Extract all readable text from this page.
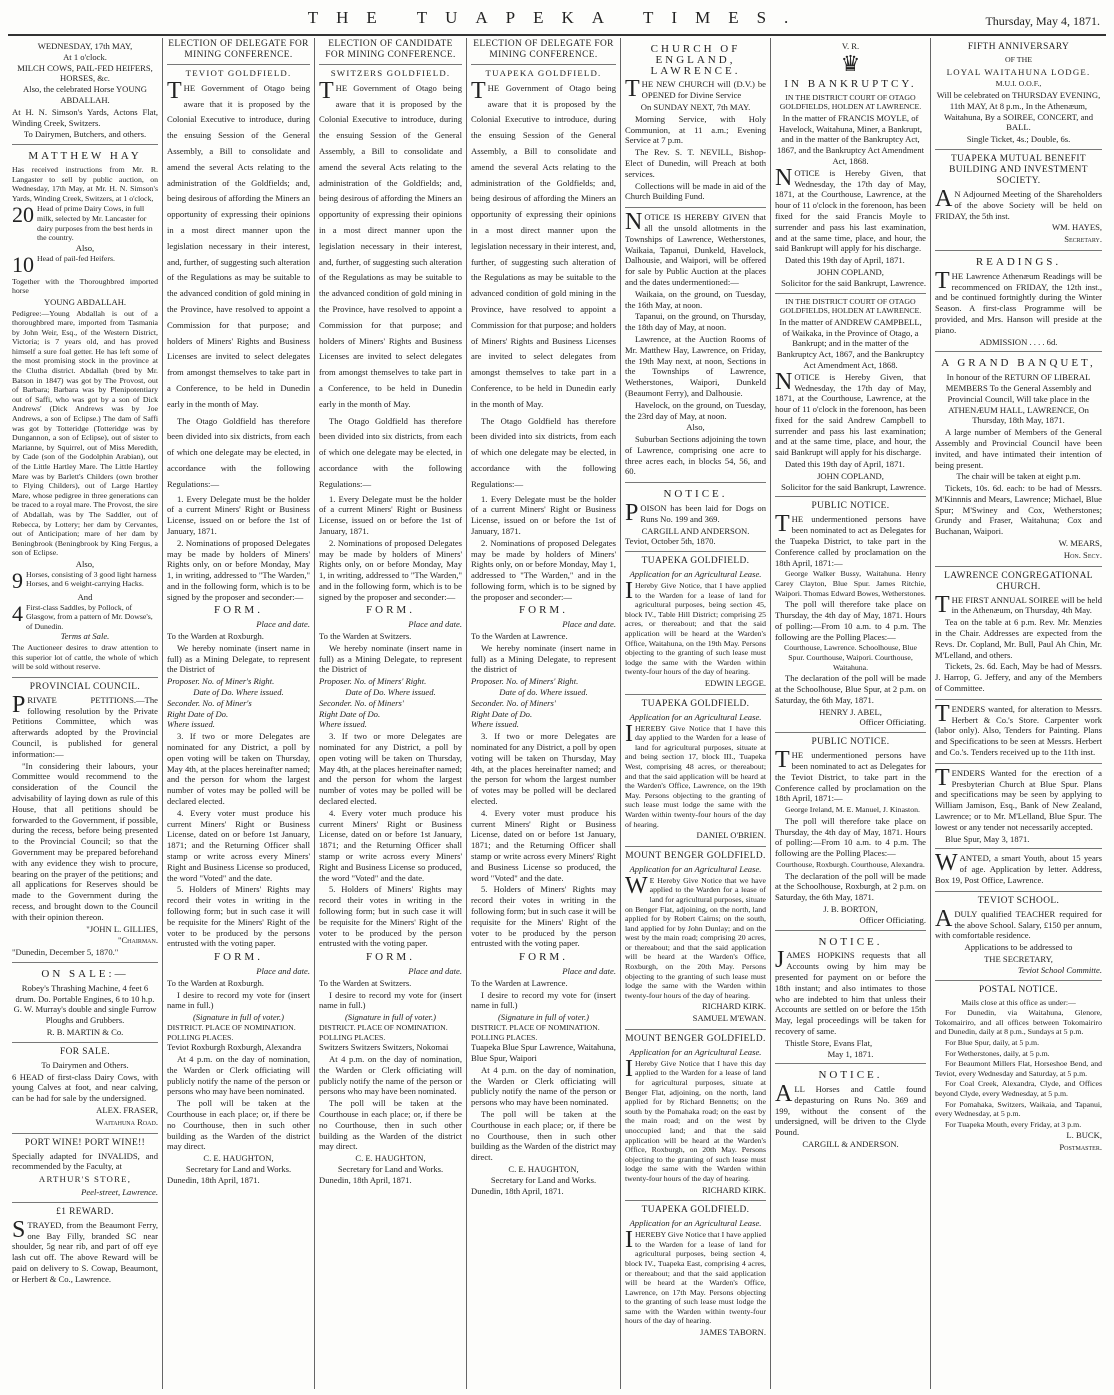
THE TUAPEKA TIMES.	Thursday, May 4, 1871.
WEDNESDAY, 17th MAY,
At 1 o'clock.
MILCH COWS, PAIL-FED HEIFERS, HORSES, &c.
Also, the celebrated Horse YOUNG ABDALLAH.

At H. N. Simson's Yards, Actons Flat, Winding Creek, Switzers.

To Dairymen, Butchers, and others.
MATTHEW HAY

Has received instructions from Mr. R. Langaster to sell by public auction, on Wednesday, 17th May, at Mr. H. N. Simson's Yards, Winding Creek, Switzers, at 1 o'clock,

20 Head of prime Dairy Cows, in full milk, selected by Mr. Lancaster for dairy purposes from the best herds in the country.
Also,
10 Head of pail-fed Heifers.

Together with the Thoroughbred imported horse

YOUNG ABDALLAH.

Pedigree:—Young Abdallah is out of a thoroughbred mare, imported from Tasmania by John Weir, Esq., of the Western District, Victoria; is 7 years old, and has proved himself a sure foal getter. He has left some of the most promising stock in the province at the Clutha district. Abdallah (bred by Mr. Batson in 1847) was got by The Provost, out of Barbara; Barbara was by Plenipotentiary out of Saffi, who was got by a son of Dick Andrews' (Dick Andrews was by Joe Andrews, a son of Eclipse.) The dam of Saffi was got by Totteridge (Totteridge was by Dungannon, a son of Eclipse), out of sister to Marianne, by Squirrel, out of Miss Meredith, by Cade (son of the Godolphin Arabian), out of the Little Hartley Mare. The Little Hartley Mare was by Barlett's Childers (own brother to Flying Childers), out of Large Hartley Mare, whose pedigree in three generations can be traced to a royal mare. The Provost, the sire of Abdallah, was by The Saddler, out of Rebecca, by Lottery; her dam by Cervantes, out of Anticipation; mare of her dam by Beningbrook (Beningbrook by King Fergus, a son of Eclipse.

Also,
9 Horses, consisting of 3 good light harness Horses, and 6 weight-carrying Hacks.
And
4 First-class Saddles, by Pollock, of Glasgow, from a pattern of Mr. Dowse's, of Dunedin.
Terms at Sale.

The Auctioneer desires to draw attention to this superior lot of cattle, the whole of which will be sold without reserve.

PROVINCIAL COUNCIL.

PRIVATE PETITIONS.—The following resolution by the Private Petitions Committee, which was afterwards adopted by the Provincial Council, is published for general information:—

"In considering their labours, your Committee would recommend to the consideration of the Council the advisability of laying down as rule of this House, that all petitions should be forwarded to the Government, if possible, during the recess, before being presented to the Provincial Council; so that the Government may be prepared beforehand with any evidence they wish to procure, bearing on the prayer of the petitions; and all applications for Reserves should be made to the Government during the recess, and brought down to the Council with their opinion thereon.

"JOHN L. GILLIES,
"Chairman.
"Dunedin, December 5, 1870."
ON SALE:—

Robey's Thrashing Machine, 4 feet 6 drum. Do. Portable Engines, 6 to 10 h.p. G. W. Murray's double and single Furrow Ploughs and Grubbers.

R. B. MARTIN & Co.
FOR SALE.
To Dairymen and Others.

6 HEAD of first-class Dairy Cows, with young Calves at foot, and near calving, can be had for sale by the undersigned.

ALEX. FRASER,
Waitahuna Road.
PORT WINE! PORT WINE!!

Specially adapted for INVALIDS, and recommended by the Faculty, at

ARTHUR'S STORE,
Peel-street, Lawrence.
£1 REWARD.

STRAYED, from the Beaumont Ferry, one Bay Filly, branded SC near shoulder, 5g near rib, and part of off eye lash cut off. The above Reward will be paid on delivery to S. Cowap, Beaumont, or Herbert & Co., Lawrence.

ELECTION OF DELEGATE FOR MINING CONFERENCE.
TEVIOT GOLDFIELD.

THE Government of Otago being aware that it is proposed by the Colonial Executive to introduce, during the ensuing Session of the General Assembly, a Bill to consolidate and amend the several Acts relating to the administration of the Goldfields; and, being desirous of affording the Miners an opportunity of expressing their opinions in a most direct manner upon the legislation necessary in their interest, and, further, of suggesting such alteration of the Regulations as may be suitable to the advanced condition of gold mining in the Province, have resolved to appoint a Commission for that purpose; and holders of Miners' Rights and Business Licenses are invited to select delegates from amongst themselves to take part in a Conference, to be held in Dunedin early in the month of May.

The Otago Goldfield has therefore been divided into six districts, from each of which one delegate may be elected, in accordance with the following Regulations:—

1. Every Delegate must be the holder of a current Miners' Right or Business License, issued on or before the 1st of January, 1871.

2. Nominations of proposed Delegates may be made by holders of Miners' Rights only, on or before Monday, May 1, in writing, addressed to "The Warden," and in the following form, which is to be signed by the proposer and seconder:—

FORM.
Place and date.

To the Warden at Roxburgh.

We hereby nominate (insert name in full) as a Mining Delegate, to represent the District of

Proposer. No. of Miner's Right.
Date of Do. Where issued.
Seconder. No. of Miner's
Right Date of Do.
Where issued.

3. If two or more Delegates are nominated for any District, a poll by open voting will be taken on Thursday, May 4th, at the places hereinafter named; and the person for whom the largest number of votes may be polled will be declared elected.

4. Every voter must produce his current Miners' Right or Business License, dated on or before 1st January, 1871; and the Returning Officer shall stamp or write across every Miners' Right and Business License so produced, the word "Voted" and the date.

5. Holders of Miners' Rights may record their votes in writing in the following form; but in such case it will be requisite for the Miners' Right of the voter to be produced by the persons entrusted with the voting paper.

FORM.
Place and date.

To the Warden at Roxburgh.

I desire to record my vote for (insert name in full.)

(Signature in full of voter.)
DISTRICT. PLACE OF NOMINATION. POLLING PLACES.
Teviot Roxburgh Roxburgh, Alexandra

At 4 p.m. on the day of nomination, the Warden or Clerk officiating will publicly notify the name of the person or persons who may have been nominated.

The poll will be taken at the Courthouse in each place; or, if there be no Courthouse, then in such other building as the Warden of the district may direct.

C. E. HAUGHTON,
Secretary for Land and Works.
Dunedin, 18th April, 1871.
ELECTION OF CANDIDATE FOR MINING CONFERENCE.
SWITZERS GOLDFIELD.

THE Government of Otago being aware that it is proposed by the Colonial Executive to introduce, during the ensuing Session of the General Assembly, a Bill to consolidate and amend the several Acts relating to the administration of the Goldfields; and, being desirous of affording the Miners an opportunity of expressing their opinions in a most direct manner upon the legislation necessary in their interest, and, further, of suggesting such alteration of the Regulations as may be suitable to the advanced condition of gold mining in the Province, have resolved to appoint a Commission for that purpose; and holders of Miners' Rights and Business Licenses are invited to select delegates from amongst themselves to take part in a Conference, to be held in Dunedin early in the month of May.

The Otago Goldfield has therefore been divided into six districts, from each of which one delegate may be elected, in accordance with the following Regulations:—

1. Every Delegate must be the holder of a current Miners' Right or Business License, issued on or before the 1st of January, 1871.

2. Nominations of proposed Delegates may be made by holders of Miners' Rights only, on or before Monday, May 1, in writing, addressed to "The Warden," and in the following form, which is to be signed by the proposer and seconder:—

FORM.
Place and date.

To the Warden at Switzers.

We hereby nominate (insert name in full) as a Mining Delegate, to represent the District of

Proposer. No. of Miners' Right.
Date of Do. Where issued.
Seconder. No. of Miners'
Right Date of Do.
Where issued.

3. If two or more Delegates are nominated for any District, a poll by open voting will be taken on Thursday, May 4th, at the places hereinafter named; and the person for whom the largest number of votes may be polled will be declared elected.

4. Every voter much produce his current Miners' Right or Business License, dated on or before 1st January, 1871; and the Returning Officer shall stamp or write across every Miners' Right and Business License so produced, the word "Voted" and the date.

5. Holders of Miners' Rights may record their votes in writing in the following form; but in such case it will be requisite for the Miners' Right of the voter to be produced by the person entrusted with the voting paper.

FORM.
Place and date.

To the Warden at Switzers.

I desire to record my vote for (insert name in full.)

(Signature in full of voter.)
DISTRICT. PLACE OF NOMINATION. POLLING PLACES.
Switzers Switzers Switzers, Nokomai

At 4 p.m. on the day of nomination, the Warden or Clerk officiating will publicly notify the name of the person or persons who may have been nominated.

The poll will be taken at the Courthouse in each place; or, if there be no Courthouse, then in such other building as the Warden of the district may direct.

C. E. HAUGHTON,
Secretary for Land and Works.
Dunedin, 18th April, 1871.
ELECTION OF DELEGATE FOR MINING CONFERENCE.
TUAPEKA GOLDFIELD.

THE Government of Otago being aware that it is proposed by the Colonial Executive to introduce, during the ensuing Session of the General Assembly, a Bill to consolidate and amend the several Acts relating to the administration of the Goldfields; and, being desirous of affording the Miners an opportunity of expressing their opinions in a most direct manner upon the legislation necessary in their interest, and, further, of suggesting such alteration of the Regulations as may be suitable to the advanced condition of gold mining in the Province, have resolved to appoint a Commission for that purpose; and holders of Miners' Rights and Business Licenses are invited to select delegates from amongst themselves to take part in a Conference, to be held in Dunedin early in the month of May.

The Otago Goldfield has therefore been divided into six districts, from each of which one delegate may be elected, in accordance with the following Regulations:—

1. Every Delegate must be the holder of a current Miners' Right or Business License, issued on or before the 1st of January, 1871.

2. Nominations of proposed Delegates may be made by holders of Miners' Rights only, on or before Monday, May 1, addressed to "The Warden," and in the following form, which is to be signed by the proposer and seconder:—

FORM.
Place and date.

To the Warden at Lawrence.

We hereby nominate (insert name in full) as a Mining Delegate, to represent the district of

Proposer. No. of Miners' Right.
Date of do. Where issued.
Seconder. No. of Miners'
Right Date of Do.
Where issued.

3. If two or more Delegates are nominated for any District, a poll by open voting will be taken on Thursday, May 4th, at the places hereinafter named; and the person for whom the largest number of votes may be polled will be declared elected.

4. Every voter must produce his current Miners' Right or Business License, dated on or before 1st January, 1871; and the Returning Officer shall stamp or write across every Miners' Right and Business License so produced, the word "Voted" and the date.

5. Holders of Miners' Rights may record their votes in writing in the following form; but in such case it will be requisite for the Miners' Right of the voter to be produced by the person entrusted with the voting paper.

FORM.
Place and date.

To the Warden at Lawrence.

I desire to record my vote for (insert name in full.)

(Signature in full of voter.)
DISTRICT. PLACE OF NOMINATION. POLLING PLACES.
Tuapeka Blue Spur Lawrence, Waitahuna, Blue Spur, Waipori

At 4 p.m. on the day of nomination, the Warden or Clerk officiating will publicly notify the name of the person or persons who may have been nominated.

The poll will be taken at the Courthouse in each place; or, if there be no Courthouse, then in such other building as the Warden of the district may direct.

C. E. HAUGHTON,
Secretary for Land and Works.
Dunedin, 18th April, 1871.
CHURCH OF ENGLAND, LAWRENCE.

THE NEW CHURCH will (D.V.) be OPENED for Divine Service

On SUNDAY NEXT, 7th MAY.

Morning Service, with Holy Communion, at 11 a.m.; Evening Service at 7 p.m.

The Rev. S. T. NEVILL, Bishop-Elect of Dunedin, will Preach at both services.

Collections will be made in aid of the Church Building Fund.

NOTICE IS HEREBY GIVEN that all the unsold allotments in the Townships of Lawrence, Wetherstones, Waikaia, Tapanui, Dunkeld, Havelock, Dalhousie, and Waipori, will be offered for sale by Public Auction at the places and the dates undermentioned:—

Waikaia, on the ground, on Tuesday, the 16th May, at noon.

Tapanui, on the ground, on Thursday, the 18th day of May, at noon.

Lawrence, at the Auction Rooms of Mr. Matthew Hay, Lawrence, on Friday, the 19th May next, at noon, Sections in the Townships of Lawrence, Wetherstones, Waipori, Dunkeld (Beaumont Ferry), and Dalhousie.

Havelock, on the ground, on Tuesday, the 23rd day of May, at noon.

Also,

Suburban Sections adjoining the town of Lawrence, comprising one acre to three acres each, in blocks 54, 56, and 60.

NOTICE.

POISON has been laid for Dogs on Runs No. 199 and 369.

CARGILL AND ANDERSON.
Teviot, October 5th, 1870.
TUAPEKA GOLDFIELD.
Application for an Agricultural Lease.

IHereby Give Notice, that I have applied to the Warden for a lease of land for agricultural purposes, being section 45, block IV., Table Hill District; comprising 25 acres, or thereabout; and that the said application will be heard at the Warden's Office, Waitahuna, on the 19th May. Persons objecting to the granting of such lease must lodge the same with the Warden within twenty-four hours of the day of hearing.

EDWIN LEGGE.
TUAPEKA GOLDFIELD.
Application for an Agricultural Lease.

IHEREBY Give Notice that I have this day applied to the Warden for a lease of land for agricultural purposes, situate at and being section 17, block III., Tuapeka West, comprising 48 acres, or thereabout; and that the said application will be heard at the Warden's Office, Lawrence, on the 19th May. Persons objecting to the granting of such lease must lodge the same with the Warden within twenty-four hours of the day of hearing.

DANIEL O'BRIEN.
MOUNT BENGER GOLDFIELD.
Application for an Agricultural Lease.

WE Hereby Give Notice that we have applied to the Warden for a lease of land for agricultural purposes, situate on Benger Flat, adjoining, on the north, land applied for by Robert Cairns; on the south, land applied for by John Dunlay; and on the west by the main road; comprising 20 acres, or thereabout; and that the said application will be heard at the Warden's Office, Roxburgh, on the 20th May. Persons objecting to the granting of such lease must lodge the same with the Warden within twenty-four hours of the day of hearing.

RICHARD KIRK.
SAMUEL M'EWAN.
MOUNT BENGER GOLDFIELD.
Application for an Agricultural Lease.

IHereby Give Notice that I have this day applied to the Warden for a lease of land for agricultural purposes, situate at Benger Flat, adjoining, on the north, land applied for by Richard Bennetts; on the south by the Pomahaka road; on the east by the main road; and on the west by unoccupied land; and that the said application will be heard at the Warden's Office, Roxburgh, on 20th May. Persons objecting to the granting of such lease must lodge the same with the Warden within twenty-four hours of the day of hearing.

RICHARD KIRK.
TUAPEKA GOLDFIELD.
Application for an Agricultural Lease.

IHEREBY Give Notice that I have applied to the Warden for a lease of land for agricultural purposes, being section 4, block IV., Tuapeka East, comprising 4 acres, or thereabout; and that the said application will be heard at the Warden's Office, Lawrence, on 17th May. Persons objecting to the granting of such lease must lodge the same with the Warden within twenty-four hours of the day of hearing.

JAMES TABORN.
V. R.
♛
IN BANKRUPTCY.
IN THE DISTRICT COURT OF OTAGO GOLDFIELDS, HOLDEN AT LAWRENCE.

In the matter of FRANCIS MOYLE, of Havelock, Waitahuna, Miner, a Bankrupt, and in the matter of the Bankruptcy Act, 1867, and the Bankruptcy Act Amendment Act, 1868.

NOTICE is Hereby Given, that Wednesday, the 17th day of May, 1871, at the Courthouse, Lawrence, at the hour of 11 o'clock in the forenoon, has been fixed for the said Francis Moyle to surrender and pass his last examination, and at the same time, place, and hour, the said Bankrupt will apply for his discharge.

Dated this 19th day of April, 1871.

JOHN COPLAND,
Solicitor for the said Bankrupt, Lawrence.
IN THE DISTRICT COURT OF OTAGO GOLDFIELDS, HOLDEN AT LAWRENCE.

In the matter of ANDREW CAMPBELL, of Waikaka, in the Province of Otago, a Bankrupt; and in the matter of the Bankruptcy Act, 1867, and the Bankruptcy Act Amendment Act, 1868.

NOTICE is Hereby Given, that Wednesday, the 17th day of May, 1871, at the Courthouse, Lawrence, at the hour of 11 o'clock in the forenoon, has been fixed for the said Andrew Campbell to surrender and pass his last examination; and at the same time, place, and hour, the said Bankrupt will apply for his discharge.

Dated this 19th day of April, 1871.

JOHN COPLAND,
Solicitor for the said Bankrupt, Lawrence.
PUBLIC NOTICE.

THE undermentioned persons have been nominated to act as Delegates for the Tuapeka District, to take part in the Conference called by proclamation on the 18th April, 1871:—

George Walker Bussy, Waitahuna. Henry Carey Clayton, Blue Spur. James Ritchie, Waipori. Thomas Edward Bowes, Wetherstones.

The poll will therefore take place on Thursday, the 4th day of May, 1871. Hours of polling:—From 10 a.m. to 4 p.m. The following are the Polling Places:—

Courthouse, Lawrence. Schoolhouse, Blue Spur. Courthouse, Waipori. Courthouse, Waitahuna.

The declaration of the poll will be made at the Schoolhouse, Blue Spur, at 2 p.m. on Saturday, the 6th May, 1871.

HENRY J. ABEL,
Officer Officiating.
PUBLIC NOTICE.

THE undermentioned persons have been nominated to act as Delegates for the Teviot District, to take part in the Conference called by proclamation on the 18th April, 1871:—

George Ireland, M. E. Manuel, J. Kinaston.

The poll will therefore take place on Thursday, the 4th day of May, 1871. Hours of polling:—From 10 a.m. to 4 p.m. The following are the Polling Places:—

Courthouse, Roxburgh. Courthouse, Alexandra.

The declaration of the poll will be made at the Schoolhouse, Roxburgh, at 2 p.m. on Saturday, the 6th May, 1871.

J. B. BORTON,
Officer Officiating.
NOTICE.

JAMES HOPKINS requests that all Accounts owing by him may be presented for payment on or before the 18th instant; and also intimates to those who are indebted to him that unless their Accounts are settled on or before the 15th May, legal proceedings will be taken for recovery of same.

Thistle Store, Evans Flat,
May 1, 1871.
NOTICE.

ALL Horses and Cattle found depasturing on Runs No. 369 and 199, without the consent of the undersigned, will be driven to the Clyde Pound.

CARGILL & ANDERSON.
FIFTH ANNIVERSARY
OF THE
LOYAL WAITAHUNA LODGE.
M.U.I. O.O.F.,

Will be celebrated on THURSDAY EVENING, 11th MAY, At 8 p.m., In the Athenæum, Waitahuna, By a SOIREE, CONCERT, and BALL.

Single Ticket, 4s.; Double, 6s.
TUAPEKA MUTUAL BENEFIT BUILDING AND INVESTMENT SOCIETY.

AN Adjourned Meeting of the Shareholders of the above Society will be held on FRIDAY, the 5th inst.

WM. HAYES,
Secretary.
READINGS.

THE Lawrence Athenæum Readings will be recommenced on FRIDAY, the 12th inst., and be continued fortnightly during the Winter Season. A first-class Programme will be provided, and Mrs. Hanson will preside at the piano.

ADMISSION . . . . 6d.
A GRAND BANQUET,

In honour of the RETURN OF LIBERAL MEMBERS To the General Assembly and Provincial Council, Will take place in the ATHENÆUM HALL, LAWRENCE, On Thursday, 18th May, 1871.

A large number of Members of the General Assembly and Provincial Council have been invited, and have intimated their intention of being present.

The chair will be taken at eight p.m.

Tickets, 10s. 6d. each: to be had of Messrs. M'Kinnnis and Mears, Lawrence; Michael, Blue Spur; M'Swiney and Cox, Wetherstones; Grundy and Fraser, Waitahuna; Cox and Buchanan, Waipori.

W. MEARS,
Hon. Secy.
LAWRENCE CONGREGATIONAL CHURCH.

THE FIRST ANNUAL SOIREE will be held in the Athenæum, on Thursday, 4th May.

Tea on the table at 6 p.m. Rev. Mr. Menzies in the Chair. Addresses are expected from the Revs. Dr. Copland, Mr. Bull, Paul Ah Chin, Mr. M'Lelland, and others.

Tickets, 2s. 6d. Each, May be had of Messrs. J. Harrop, G. Jeffery, and any of the Members of Committee.

TENDERS wanted, for alteration to Messrs. Herbert & Co.'s Store. Carpenter work (labor only). Also, Tenders for Painting. Plans and Specifications to be seen at Messrs. Herbert and Co.'s. Tenders received up to the 11th inst.

TENDERS Wanted for the erection of a Presbyterian Church at Blue Spur. Plans and specifications may be seen by applying to William Jamison, Esq., Bank of New Zealand, Lawrence; or to Mr. M'Lelland, Blue Spur. The lowest or any tender not necessarily accepted.

Blue Spur, May 3, 1871.

WANTED, a smart Youth, about 15 years of age. Application by letter. Address, Box 19, Post Office, Lawrence.

TEVIOT SCHOOL.

ADULY qualified TEACHER required for the above School. Salary, £150 per annum, with comfortable residence.

Applications to be addressed to

THE SECRETARY,
Teviot School Committe.
POSTAL NOTICE.

Mails close at this office as under:—

For Dunedin, via Waitahuna, Glenore, Tokomairiro, and all offices between Tokomairiro and Dunedin, daily at 8 p.m., Sundays at 5 p.m.

For Blue Spur, daily, at 5 p.m.

For Wetherstones, daily, at 5 p.m.

For Beaumont Millers Flat, Horseshoe Bend, and Teviot, every Wednesday and Saturday, at 5 p.m.

For Coal Creek, Alexandra, Clyde, and Offices beyond Clyde, every Wednesday, at 5 p.m.

For Pomahaka, Switzers, Waikaia, and Tapanui, every Wednesday, at 5 p.m.

For Tuapeka Mouth, every Friday, at 3 p.m.

L. BUCK,
Postmaster.
